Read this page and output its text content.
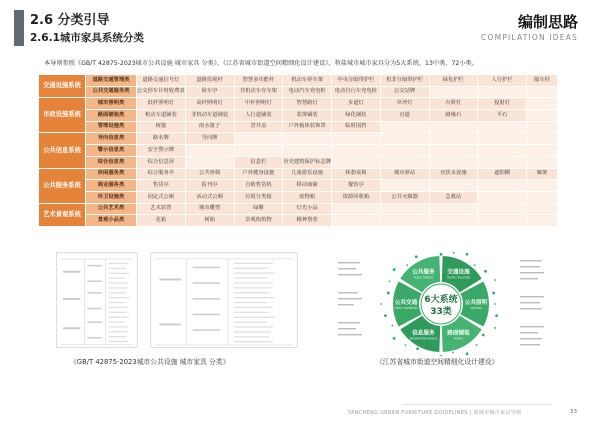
2.6 分类引导
2.6.1城市家具系统分类
编制思路
COMPILATION IDEAS
本导则参照《GB/T 42875-2023城市公共设施 城市家具 分类》、《江苏省城市街道空间精细化设计建设》，将盐城市城市家具分为5大系统、13中类、72小类。
交通设施系统	道路交通管理类	道路交通信号灯	道路监视杆	智慧多功能杆	机动车停车架	中央分隔带护栏	机非分隔带护栏	绿化护栏	人行护栏	隔车柱
	公共交通服务类	公交停车计时收费表	候车亭	非机动车存车架	电动汽车充电桩	电动自行车充电桩	公交站牌			
市政设施系统	城市照明类	低杆照明灯	高杆照明灯	中杆照明灯	智慧路灯	步道灯	草坪灯	台阶灯	投射灯	
	路面铺装类	机动车道铺装	非机动车道铺装	人行道铺装	装饰铺装	绿化铺装	盲道	路缘石	平石	
	管理设施类	树篦	雨水篦子	窨井盖	户外箱体装饰罩	临时围挡				
公共信息系统	导向信息类	路名牌	导向牌							
	警示信息类	安全警示牌								
	综合信息类	综合信息屏		信息栏	历史建筑保护标志牌					
公共服务系统	休闲服务类	综合服务亭	公共座椅	户外健身设施	儿童游乐设施	休憩桌椅	城市驿站	直饮水设施	遮阳棚	廊架
	商业服务类	售货亭	报刊亭	自助售货机	移动商铺	餐饮亭				
	环卫设施类	固定式公厕	活动式公厕	垃圾分类箱	废物箱	资源回收箱	公共灭烟器	急救站		
艺术景观系统	公共艺术类	艺术装置	城市雕塑	绿雕	灯光小品					
	景观小品类	花箱	树箱	景观构筑物	精神堡垒					
交通设施
TRAFFIC FACILITIES
公共照明
LIGHTING
路面铺装
PAVING
信息服务
INFORMATION SERVICE
公共交通
PUBLIC TRANSPORT
公共服务
PUBLIC SERVICE
6大系统
33类
《GB/T 42875-2023城市公共设施 城市家具 分类》	《江苏省城市街道空间精细化设计建设》
YANCHENG URBAN FURNITURE GUIDELINES | 盐城市城市家具导则	33
